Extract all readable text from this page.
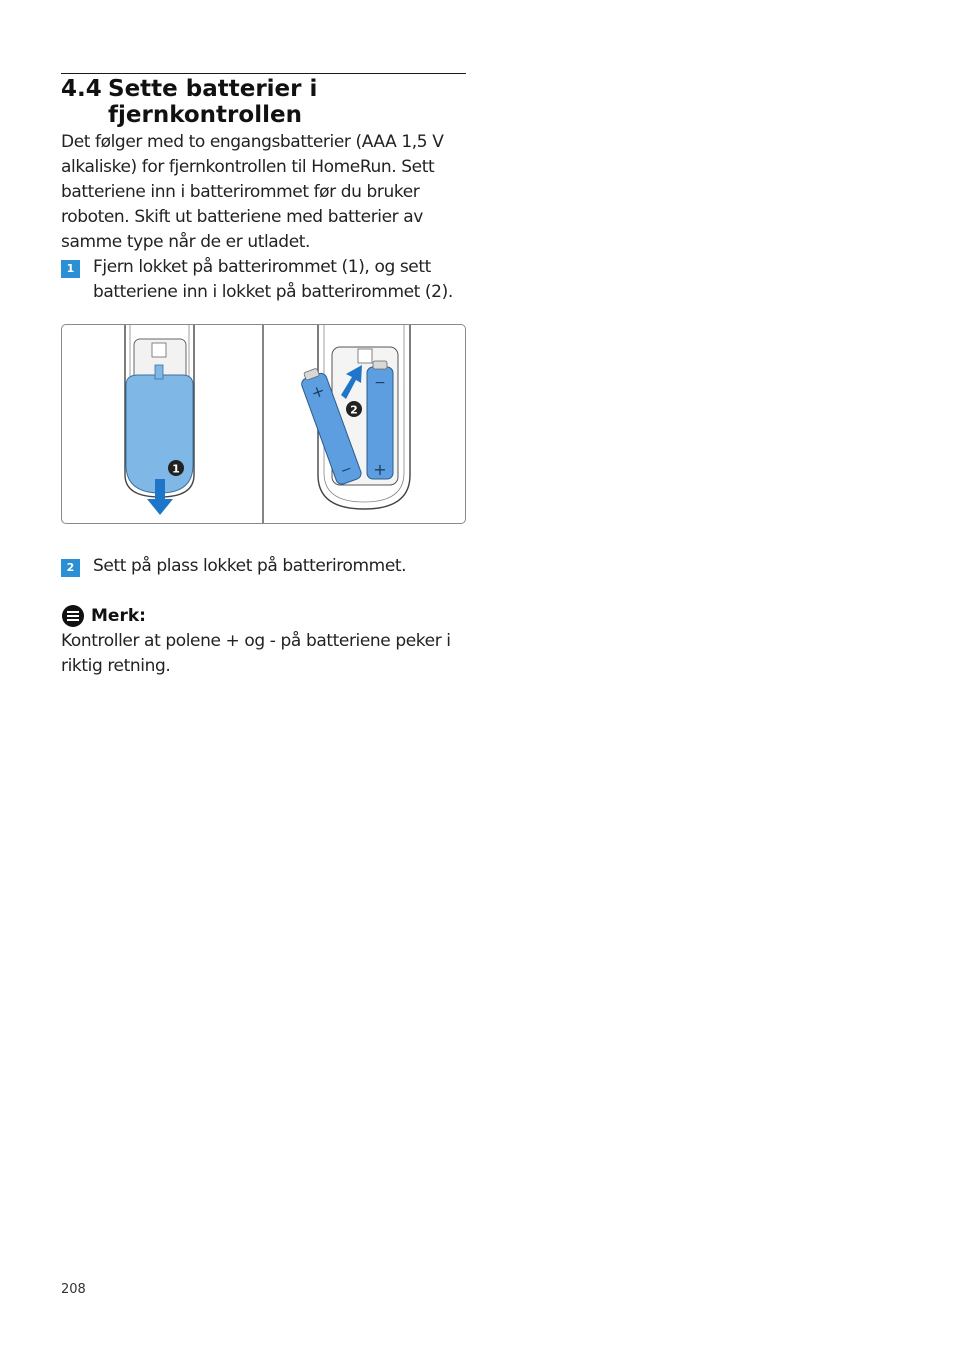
4.4 Sette batterier i fjernkontrollen
Det følger med to engangsbatterier (AAA 1,5 V alkaliske) for fjernkontrollen til HomeRun. Sett batteriene inn i batterirommet før du bruker roboten. Skift ut batteriene med batterier av samme type når de er utladet.
1	Fjern lokket på batterirommet (1), og sett batteriene inn i lokket på batterirommet (2).
1
−
+
+
−
2
2	Sett på plass lokket på batterirommet.
Merk:
Kontroller at polene + og - på batteriene peker i riktig retning.
208
